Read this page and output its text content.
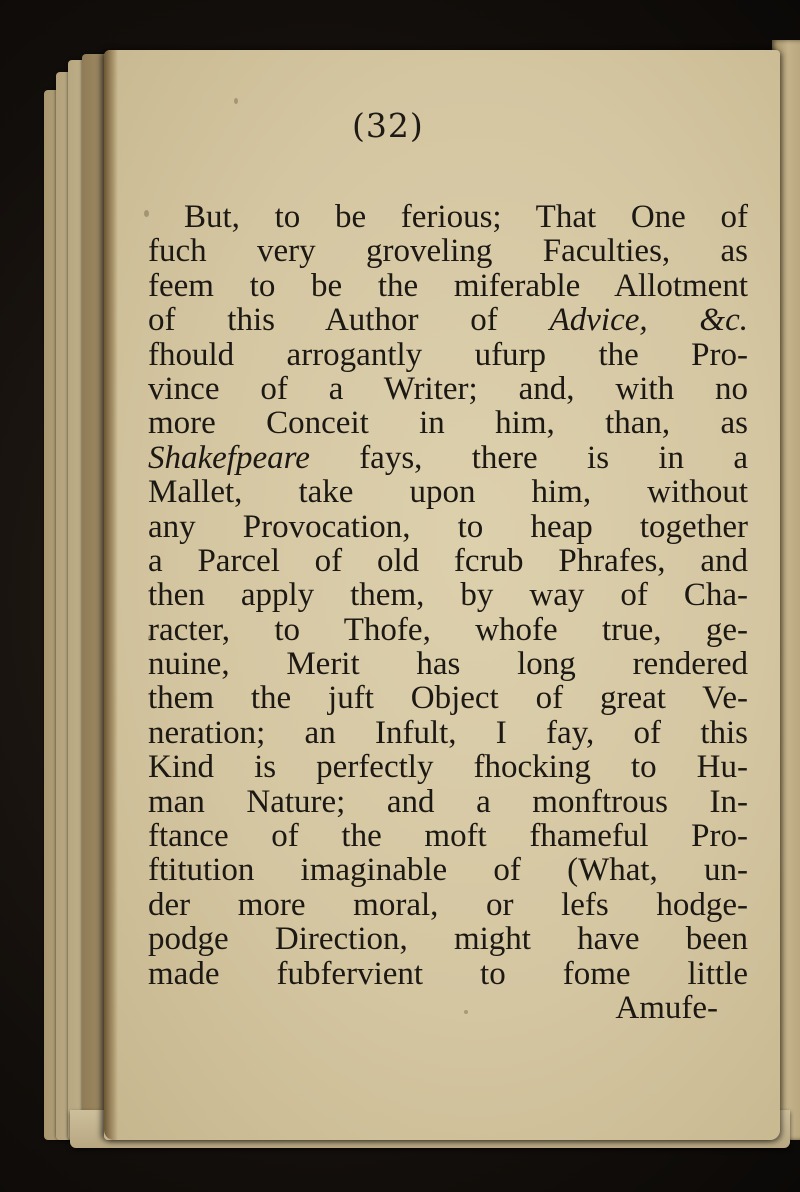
(32)
But, to be ferious; That One of
fuch very groveling Faculties, as
feem to be the miferable Allotment
of this Author of Advice, &c.
fhould arrogantly ufurp the Pro-
vince of a Writer; and, with no
more Conceit in him, than, as
Shakefpeare fays, there is in a
Mallet, take upon him, without
any Provocation, to heap together
a Parcel of old fcrub Phrafes, and
then apply them, by way of Cha-
racter, to Thofe, whofe true, ge-
nuine, Merit has long rendered
them the juft Object of great Ve-
neration; an Infult, I fay, of this
Kind is perfectly fhocking to Hu-
man Nature; and a monftrous In-
ftance of the moft fhameful Pro-
ftitution imaginable of (What, un-
der more moral, or lefs hodge-
podge Direction, might have been
made fubfervient to fome little
Amufe-
